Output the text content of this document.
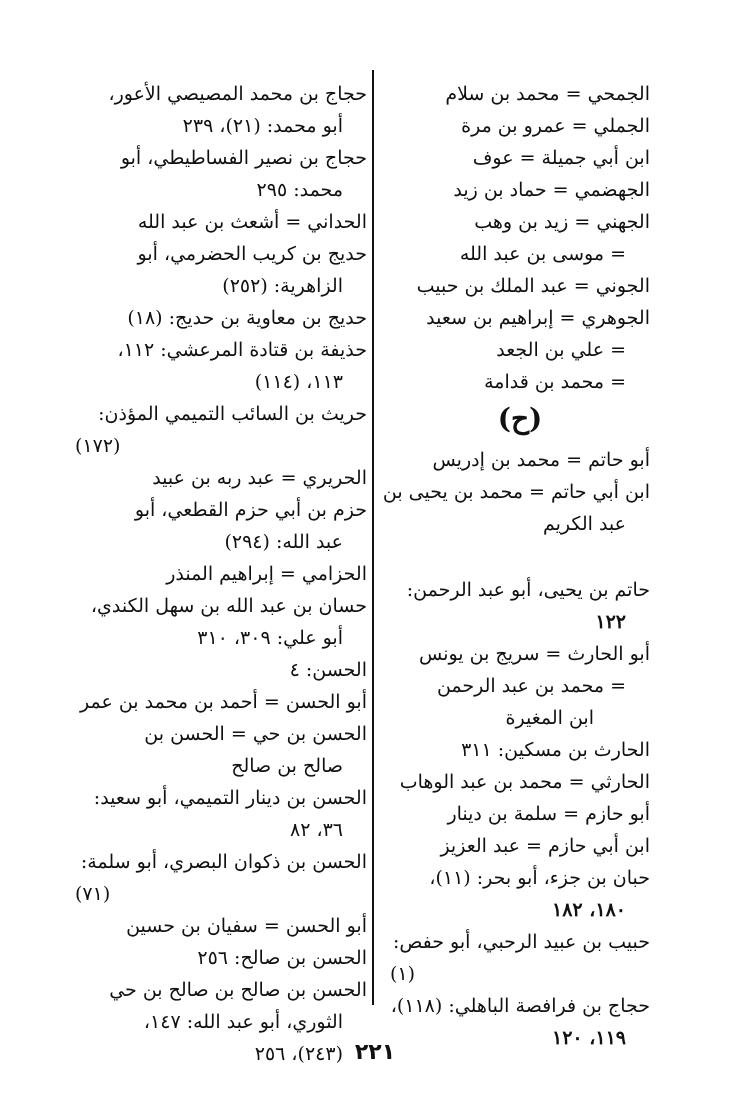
الجمحي = محمد بن سلام
الجملي = عمرو بن مرة
ابن أبي جميلة = عوف
الجهضمي = حماد بن زيد
الجهني = زيد بن وهب
= موسى بن عبد الله
الجوني = عبد الملك بن حبيب
الجوهري = إبراهيم بن سعيد
= علي بن الجعد
= محمد بن قدامة
(ح)
أبو حاتم = محمد بن إدريس
ابن أبي حاتم = محمد بن يحيى بن
عبد الكريم
حاتم بن يحيى، أبو عبد الرحمن:
١٢٢
أبو الحارث = سريج بن يونس
= محمد بن عبد الرحمن
ابن المغيرة
الحارث بن مسكين: ٣١١
الحارثي = محمد بن عبد الوهاب
أبو حازم = سلمة بن دينار
ابن أبي حازم = عبد العزيز
حبان بن جزء، أبو بحر: (١١)،
١٨٠، ١٨٢
حبيب بن عبيد الرحبي، أبو حفص:
(١)
حجاج بن فرافصة الباهلي: (١١٨)،
١١٩، ١٢٠
حجاج بن محمد المصيصي الأعور،
أبو محمد: (٢١)، ٢٣٩
حجاج بن نصير الفساطيطي، أبو
محمد: ٢٩٥
الحداني = أشعث بن عبد الله
حديج بن كريب الحضرمي، أبو
الزاهرية: (٢٥٢)
حديج بن معاوية بن حديج: (١٨)
حذيفة بن قتادة المرعشي: ١١٢،
١١٣، (١١٤)
حريث بن السائب التميمي المؤذن:
(١٧٢)
الحريري = عبد ربه بن عبيد
حزم بن أبي حزم القطعي، أبو
عبد الله: (٢٩٤)
الحزامي = إبراهيم المنذر
حسان بن عبد الله بن سهل الكندي،
أبو علي: ٣٠٩، ٣١٠
الحسن: ٤
أبو الحسن = أحمد بن محمد بن عمر
الحسن بن حي = الحسن بن
صالح بن صالح
الحسن بن دينار التميمي، أبو سعيد:
٣٦، ٨٢
الحسن بن ذكوان البصري، أبو سلمة:
(٧١)
أبو الحسن = سفيان بن حسين
الحسن بن صالح: ٢٥٦
الحسن بن صالح بن صالح بن حي
الثوري، أبو عبد الله: ١٤٧،
(٢٤٣)، ٢٥٦ ٢٢١
